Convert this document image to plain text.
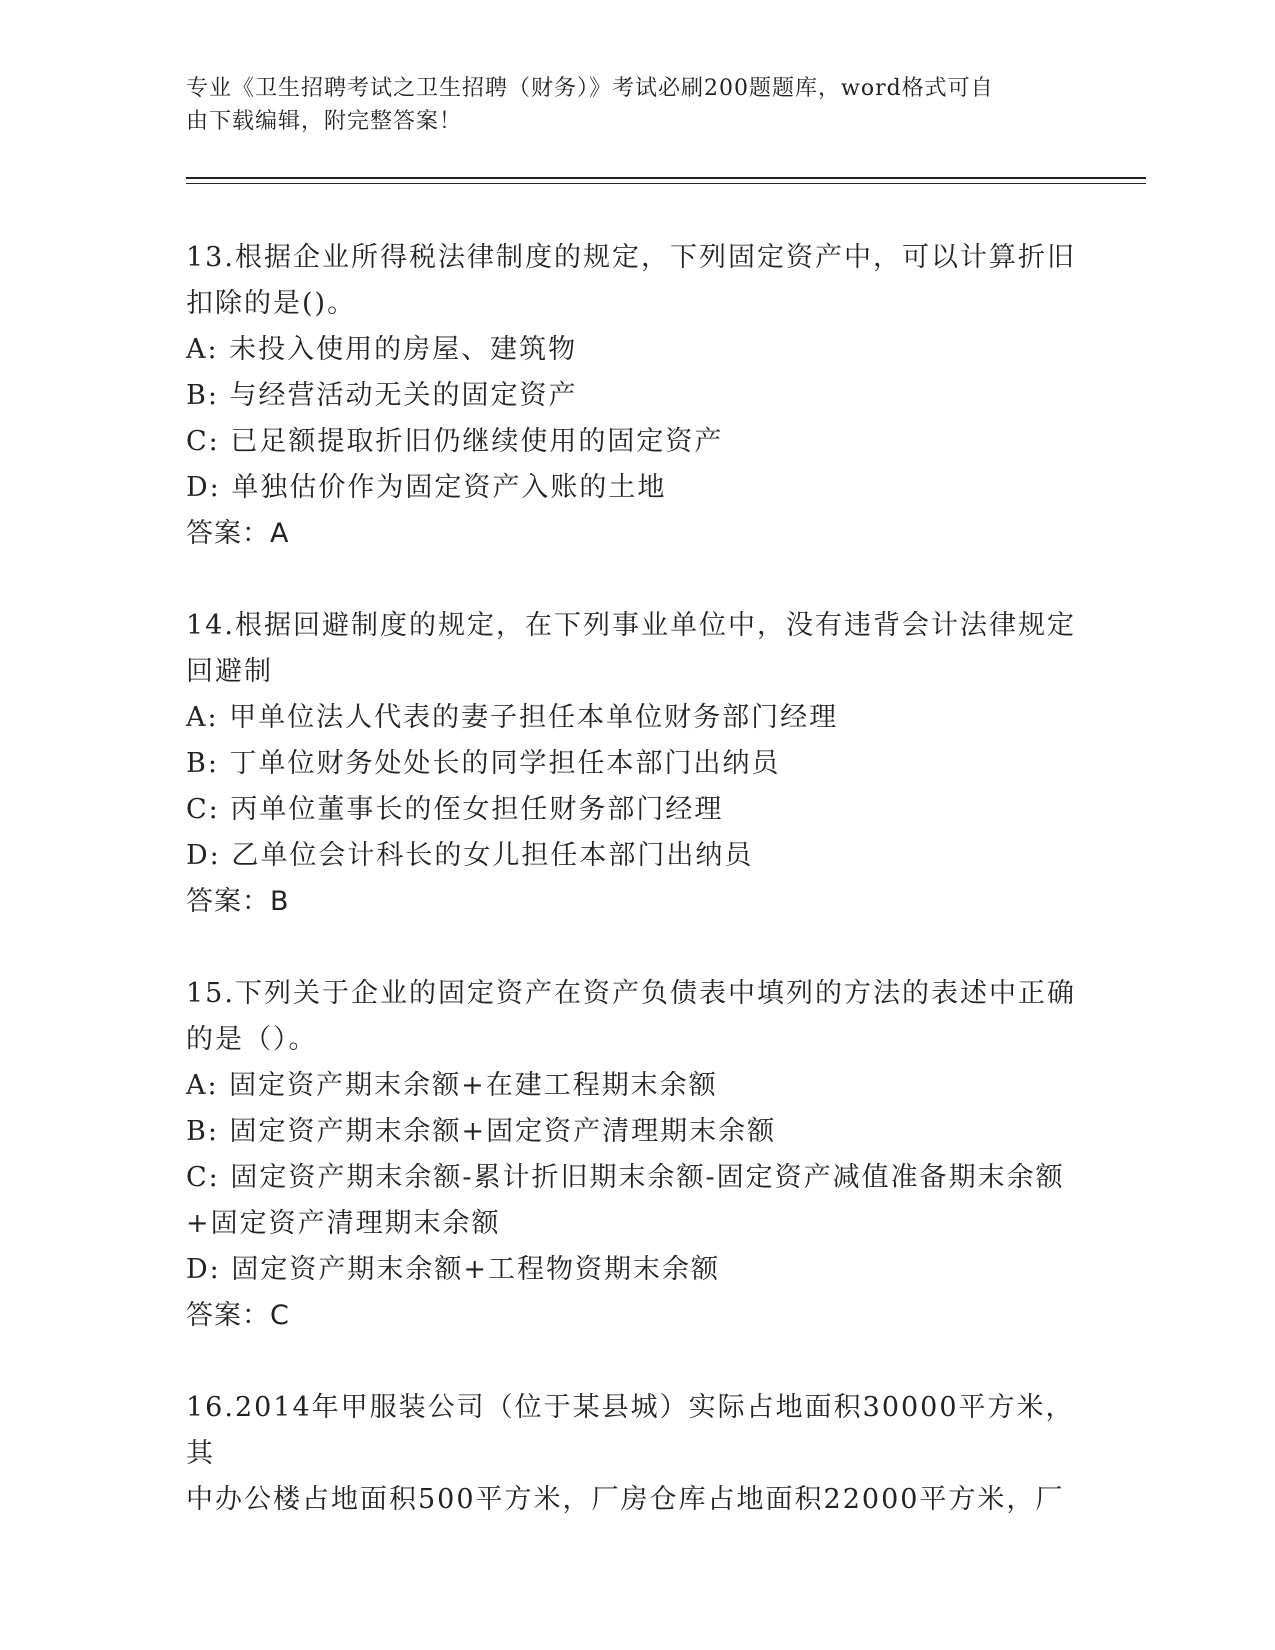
专业《卫生招聘考试之卫生招聘（财务）》考试必刷200题题库，word格式可自
由下载编辑，附完整答案！

13.根据企业所得税法律制度的规定，下列固定资产中，可以计算折旧

扣除的是()。

A: 未投入使用的房屋、建筑物

B: 与经营活动无关的固定资产

C: 已足额提取折旧仍继续使用的固定资产

D: 单独估价作为固定资产入账的土地

答案：A

14.根据回避制度的规定，在下列事业单位中，没有违背会计法律规定

回避制

A: 甲单位法人代表的妻子担任本单位财务部门经理

B: 丁单位财务处处长的同学担任本部门出纳员

C: 丙单位董事长的侄女担任财务部门经理

D: 乙单位会计科长的女儿担任本部门出纳员

答案：B

15.下列关于企业的固定资产在资产负债表中填列的方法的表述中正确

的是（）。

A: 固定资产期末余额+在建工程期末余额

B: 固定资产期末余额+固定资产清理期末余额

C: 固定资产期末余额-累计折旧期末余额-固定资产减值准备期末余额

+固定资产清理期末余额

D: 固定资产期末余额+工程物资期末余额

答案：C

16.2014年甲服装公司（位于某县城）实际占地面积30000平方米，其

中办公楼占地面积500平方米，厂房仓库占地面积22000平方米，厂
